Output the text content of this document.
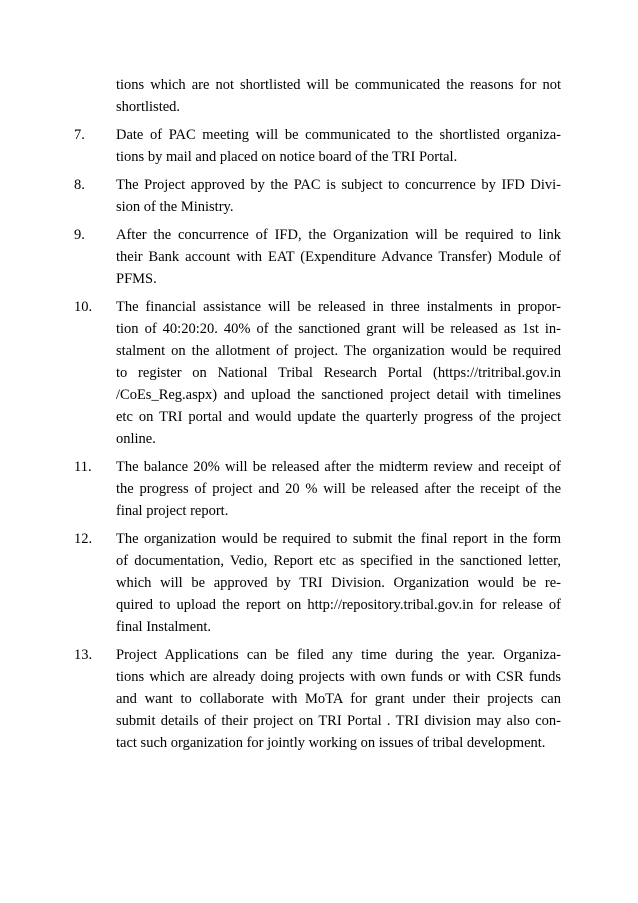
tions which are not shortlisted will be communicated the reasons for not
shortlisted.
7. Date of PAC meeting will be communicated to the shortlisted organiza-
tions by mail and placed on notice board of the TRI Portal.
8. The Project approved by the PAC is subject to concurrence by IFD Divi-
sion of the Ministry.
9. After the concurrence of IFD, the Organization will be required to link
their Bank account with EAT (Expenditure Advance Transfer) Module of
PFMS.
10. The financial assistance will be released in three instalments in propor-
tion of 40:20:20. 40% of the sanctioned grant will be released as 1st in-
stalment on the allotment of project. The organization would be required
to register on National Tribal Research Portal (https://tritribal.gov.in
/CoEs_Reg.aspx) and upload the sanctioned project detail with timelines
etc on TRI portal and would update the quarterly progress of the project
online.
11. The balance 20% will be released after the midterm review and receipt of
the progress of project and 20 % will be released after the receipt of the
final project report.
12. The organization would be required to submit the final report in the form
of documentation, Vedio, Report etc as specified in the sanctioned letter,
which will be approved by TRI Division. Organization would be re-
quired to upload the report on http://repository.tribal.gov.in for release of
final Instalment.
13. Project Applications can be filed any time during the year. Organiza-
tions which are already doing projects with own funds or with CSR funds
and want to collaborate with MoTA for grant under their projects can
submit details of their project on TRI Portal . TRI division may also con-
tact such organization for jointly working on issues of tribal development.
